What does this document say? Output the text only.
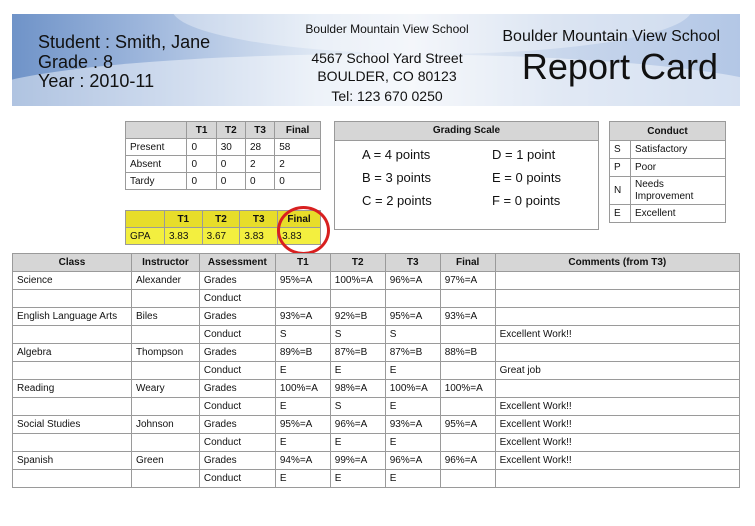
Student : Smith, Jane
Grade : 8
Year : 2010-11
Boulder Mountain View School
4567 School Yard Street
BOULDER, CO 80123
Tel: 123 670 0250
Boulder Mountain View School
Report Card
	T1	T2	T3	Final
Present	0	30	28	58
Absent	0	0	2	2
Tardy	0	0	0	0
	T1	T2	T3	Final
GPA	3.83	3.67	3.83	3.83
Grading Scale
A = 4 points	D = 1 point
B = 3 points	E = 0 points
C = 2 points	F = 0 points
Conduct	
S	Satisfactory
P	Poor
N	Needs Improvement
E	Excellent
Class	Instructor	Assessment	T1	T2	T3	Final	Comments (from T3)
Science	Alexander	Grades	95%=A	100%=A	96%=A	97%=A	
		Conduct					
English Language Arts	Biles	Grades	93%=A	92%=B	95%=A	93%=A	
		Conduct	S	S	S		Excellent Work!!
Algebra	Thompson	Grades	89%=B	87%=B	87%=B	88%=B	
		Conduct	E	E	E		Great job
Reading	Weary	Grades	100%=A	98%=A	100%=A	100%=A	
		Conduct	E	S	E		Excellent Work!!
Social Studies	Johnson	Grades	95%=A	96%=A	93%=A	95%=A	Excellent Work!!
		Conduct	E	E	E		Excellent Work!!
Spanish	Green	Grades	94%=A	99%=A	96%=A	96%=A	Excellent Work!!
		Conduct	E	E	E		
